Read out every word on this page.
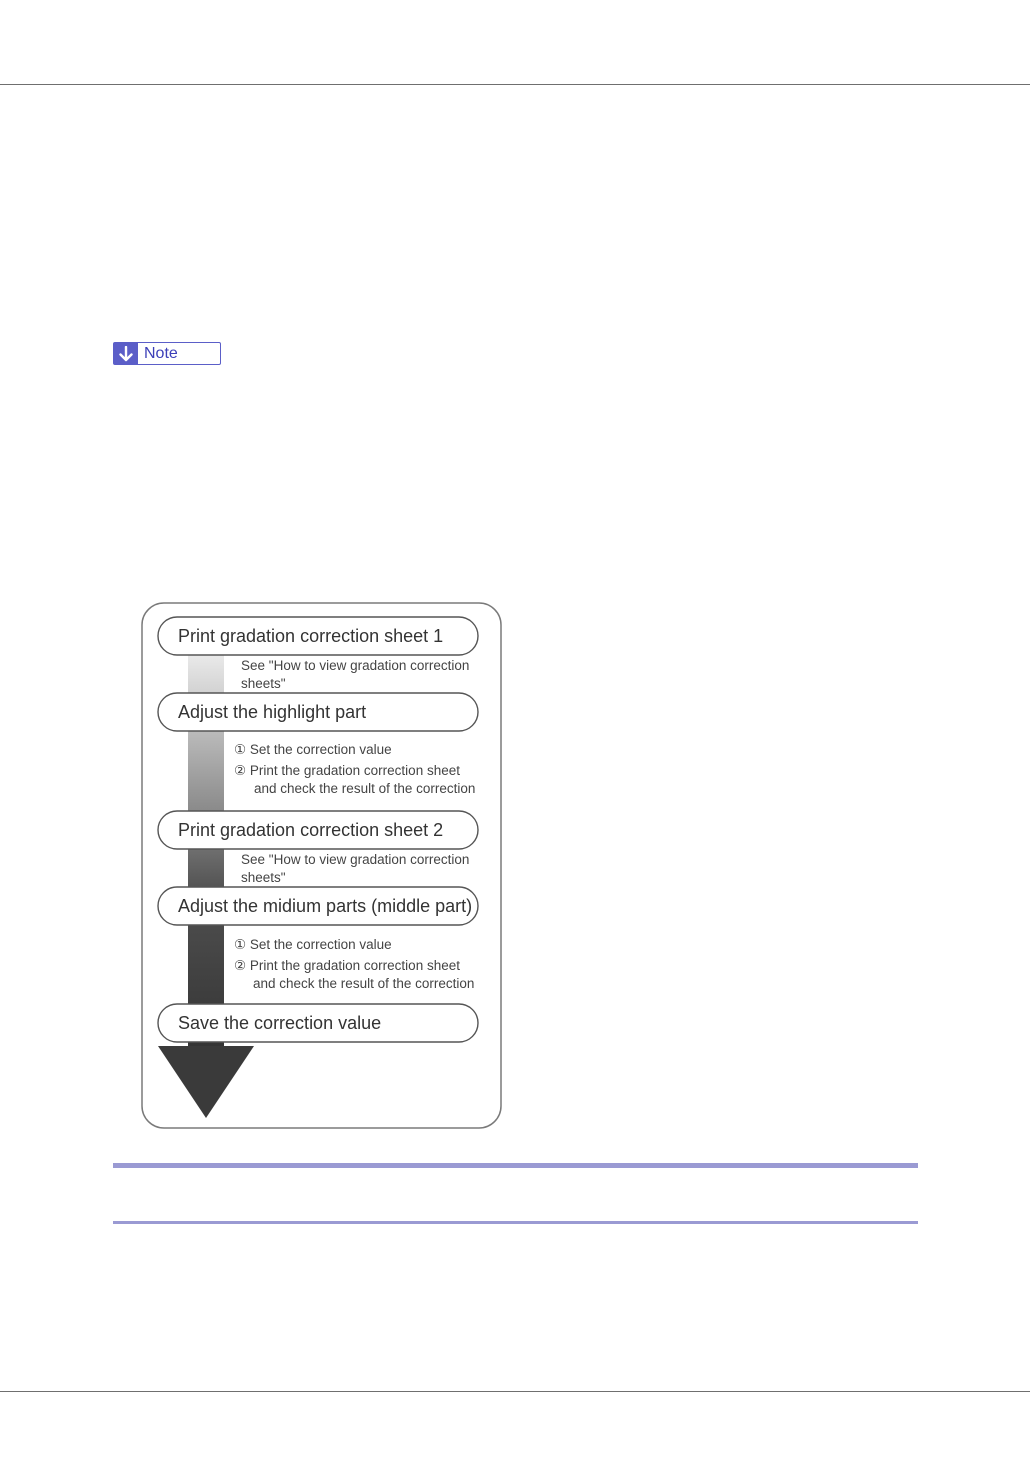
Note
Print gradation correction sheet 1
Adjust the highlight part
Print gradation correction sheet 2
Adjust the midium parts (middle part)
Save the correction value
See "How to view gradation correction
sheets"
① Set the correction value
② Print the gradation correction sheet
and check the result of the correction
See "How to view gradation correction
sheets"
① Set the correction value
② Print the gradation correction sheet
and check the result of the correction
